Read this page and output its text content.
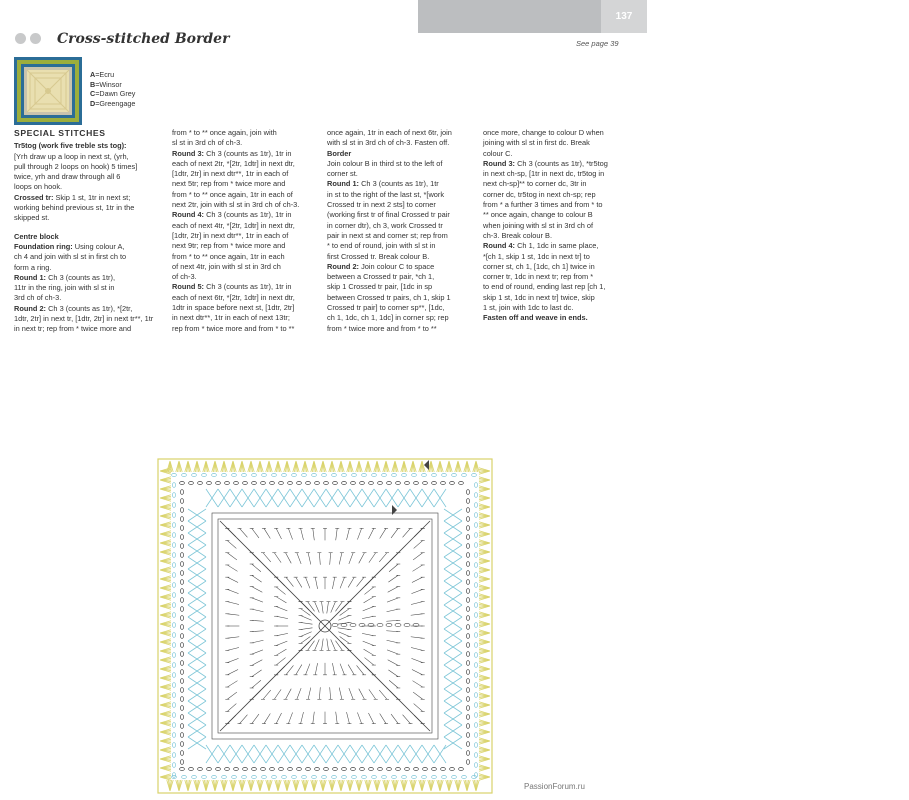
SPECIAL TECHNIQUES
137
Cross-stitched Border	See page 39
A=Ecru
B=Winsor
C=Dawn Grey
D=Greengage

SPECIAL STITCHES

Tr5tog (work five treble sts tog):

[Yrh draw up a loop in next st, (yrh,

pull through 2 loops on hook) 5 times]

twice, yrh and draw through all 6

loops on hook.

Crossed tr: Skip 1 st, 1tr in next st;

working behind previous st, 1tr in the

skipped st.

Centre block

Foundation ring: Using colour A,

ch 4 and join with sl st in first ch to

form a ring.

Round 1: Ch 3 (counts as 1tr),

11tr in the ring, join with sl st in

3rd ch of ch-3.

Round 2: Ch 3 (counts as 1tr), *[2tr,

1dtr, 2tr] in next tr, [1dtr, 2tr] in next tr**, 1tr

in next tr; rep from * twice more and

from * to ** once again, join with

sl st in 3rd ch of ch-3.

Round 3: Ch 3 (counts as 1tr), 1tr in

each of next 2tr, *[2tr, 1dtr] in next dtr,

[1dtr, 2tr] in next dtr**, 1tr in each of

next 5tr; rep from * twice more and

from * to ** once again, 1tr in each of

next 2tr, join with sl st in 3rd ch of ch-3.

Round 4: Ch 3 (counts as 1tr), 1tr in

each of next 4tr, *[2tr, 1dtr] in next dtr,

[1dtr, 2tr] in next dtr**, 1tr in each of

next 9tr; rep from * twice more and

from * to ** once again, 1tr in each

of next 4tr, join with sl st in 3rd ch

of ch-3.

Round 5: Ch 3 (counts as 1tr), 1tr in

each of next 6tr, *[2tr, 1dtr] in next dtr,

1dtr in space before next st, [1dtr, 2tr]

in next dtr**, 1tr in each of next 13tr;

rep from * twice more and from * to **

once again, 1tr in each of next 6tr, join

with sl st in 3rd ch of ch-3. Fasten off.

Border

Join colour B in third st to the left of

corner st.

Round 1: Ch 3 (counts as 1tr), 1tr

in st to the right of the last st, *[work

Crossed tr in next 2 sts] to corner

(working first tr of final Crossed tr pair

in corner dtr), ch 3, work Crossed tr

pair in next st and corner st; rep from

* to end of round, join with sl st in

first Crossed tr. Break colour B.

Round 2: Join colour C to space

between a Crossed tr pair, *ch 1,

skip 1 Crossed tr pair, [1dc in sp

between Crossed tr pairs, ch 1, skip 1

Crossed tr pair] to corner sp**, [1dc,

ch 1, 1dc, ch 1, 1dc] in corner sp; rep

from * twice more and from * to **

once more, change to colour D when

joining with sl st in first dc. Break

colour C.

Round 3: Ch 3 (counts as 1tr), *tr5tog

in next ch-sp, [1tr in next dc, tr5tog in

next ch-sp]** to corner dc, 3tr in

corner dc, tr5tog in next ch-sp; rep

from * a further 3 times and from * to

** once again, change to colour B

when joining with sl st in 3rd ch of

ch-3. Break colour B.

Round 4: Ch 1, 1dc in same place,

*[ch 1, skip 1 st, 1dc in next tr] to

corner st, ch 1, [1dc, ch 1] twice in

corner tr, 1dc in next tr; rep from *

to end of round, ending last rep [ch 1,

skip 1 st, 1dc in next tr] twice, skip

1 st, join with 1dc to last dc.

Fasten off and weave in ends.

PassionForum.ru
